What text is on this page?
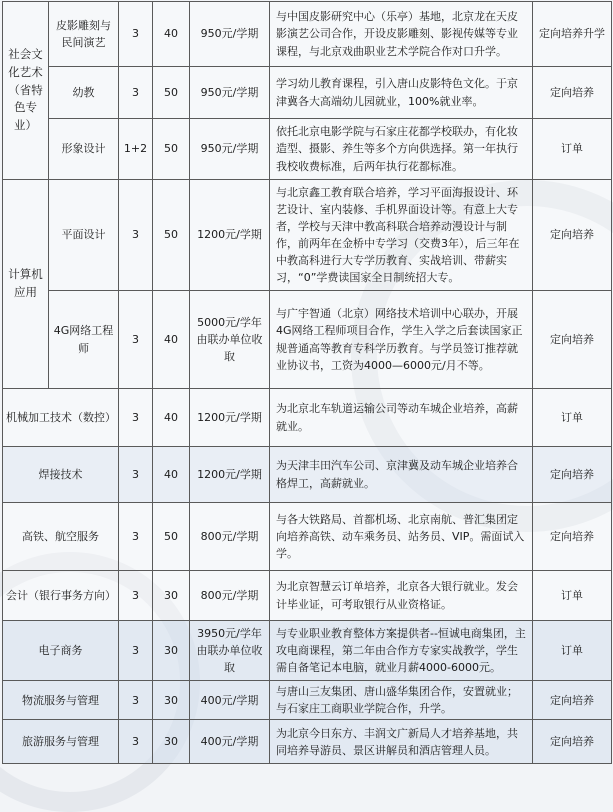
社会文化艺术（省特色专业）	皮影雕刻与民间演艺	3	40	950元/学期	与中国皮影研究中心（乐亭）基地，北京龙在天皮影演艺公司合作，开设皮影雕刻、影视传媒等专业课程，与北京戏曲职业艺术学院合作对口升学。	定向培养升学
	幼教	3	50	950元/学期	学习幼儿教育课程，引入唐山皮影特色文化。于京津冀各大高端幼儿园就业，100%就业率。	定向培养
	形象设计	1+2	50	950元/学期	依托北京电影学院与石家庄花都学校联办，有化妆造型、摄影、养生等多个方向供选择。第一年执行我校收费标准，后两年执行花都标准。	订单
计算机应用	平面设计	3	50	1200元/学期	与北京鑫工教育联合培养，学习平面海报设计、环艺设计、室内装修、手机界面设计等。有意上大专者，学校与天津中教高科联合培养动漫设计与制作，前两年在金桥中专学习（交费3年），后三年在中教高科进行大专学历教育、实战培训、带薪实习，“0”学费读国家全日制统招大专。	定向培养
	4G网络工程师	3	40	5000元/学年由联办单位收取	与广宇智通（北京）网络技术培训中心联办，开展4G网络工程师项目合作，学生入学之后套读国家正规普通高等教育专科学历教育。与学员签订推荐就业协议书，工资为4000—6000元/月不等。	定向培养
机械加工技术（数控）		3	40	1200元/学期	为北京北车轨道运输公司等动车城企业培养，高薪就业。	订单
焊接技术		3	40	1200元/学期	为天津丰田汽车公司、京津冀及动车城企业培养合格焊工，高薪就业。	定向培养
高铁、航空服务		3	50	800元/学期	与各大铁路局、首都机场、北京南航、普汇集团定向培养高铁、动车乘务员、站务员、VIP。需面试入学。	定向培养
会计（银行事务方向）		3	30	800元/学期	为北京智慧云订单培养，北京各大银行就业。发会计毕业证，可考取银行从业资格证。	订单
电子商务		3	30	3950元/学年由联办单位收取	与专业职业教育整体方案提供者--恒诚电商集团，主攻电商课程，第二年由合作方专家实战教学，学生需自备笔记本电脑，就业月薪4000-6000元。	订单
物流服务与管理		3	30	400元/学期	与唐山三友集团、唐山盛华集团合作，安置就业；与石家庄工商职业学院合作，升学。	定向培养
旅游服务与管理		3	30	400元/学期	为北京今日东方、丰润文广新局人才培养基地，共同培养导游员、景区讲解员和酒店管理人员。	定向培养
